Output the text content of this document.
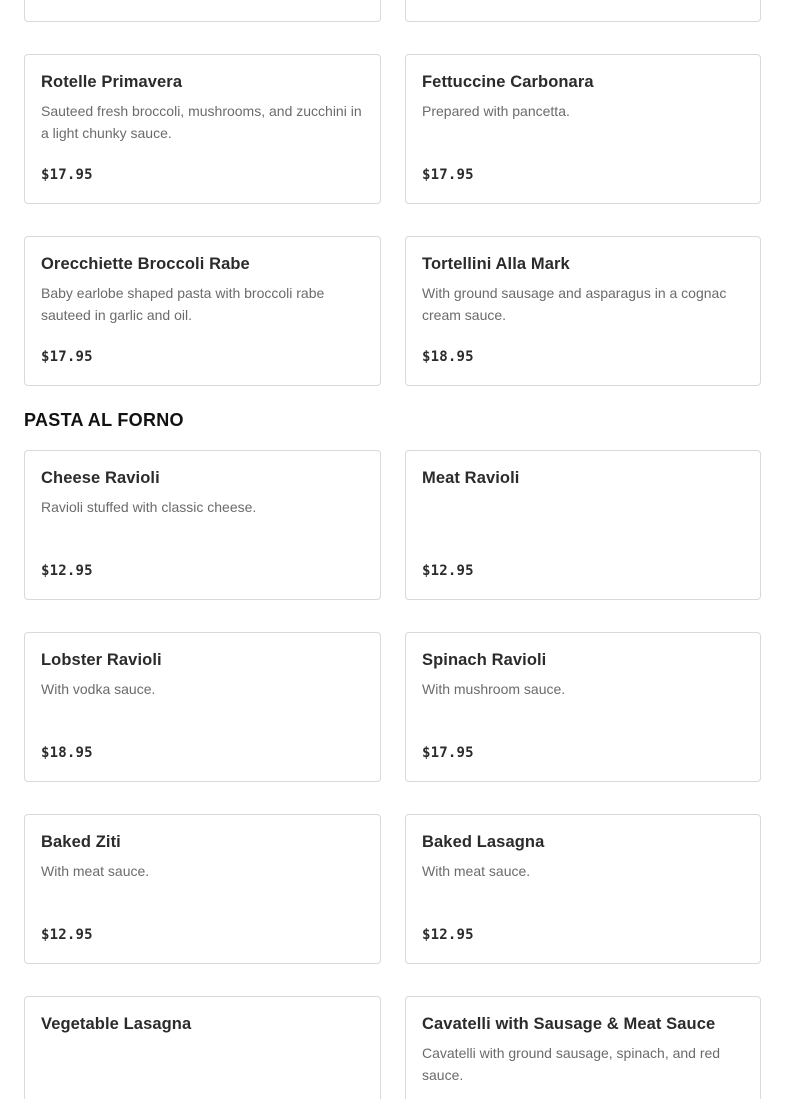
Rotelle Primavera
Sauteed fresh broccoli, mushrooms, and zucchini in a light chunky sauce.
$17.95
Fettuccine Carbonara
Prepared with pancetta.
$17.95
Orecchiette Broccoli Rabe
Baby earlobe shaped pasta with broccoli rabe sauteed in garlic and oil.
$17.95
Tortellini Alla Mark
With ground sausage and asparagus in a cognac cream sauce.
$18.95
PASTA AL FORNO
Cheese Ravioli
Ravioli stuffed with classic cheese.
$12.95
Meat Ravioli
$12.95
Lobster Ravioli
With vodka sauce.
$18.95
Spinach Ravioli
With mushroom sauce.
$17.95
Baked Ziti
With meat sauce.
$12.95
Baked Lasagna
With meat sauce.
$12.95
Vegetable Lasagna	Cavatelli with Sausage & Meat Sauce
Cavatelli with ground sausage, spinach, and red sauce.
